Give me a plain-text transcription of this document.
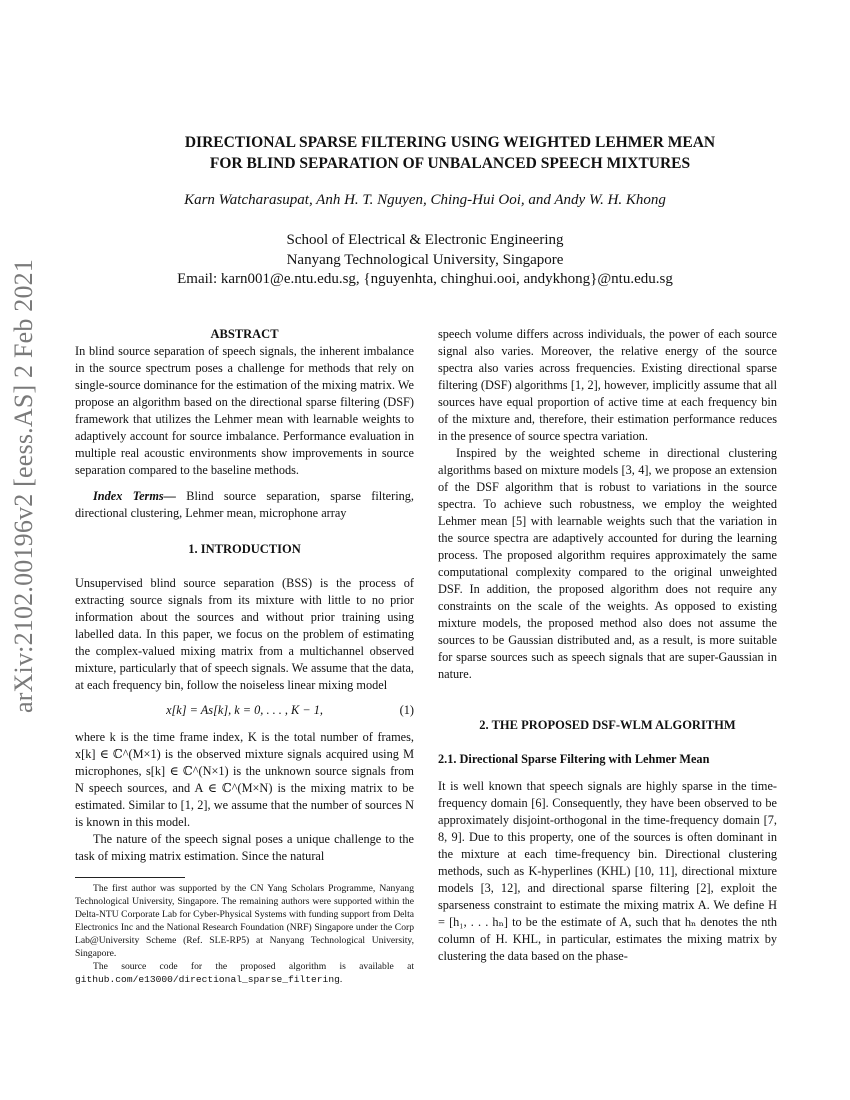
arXiv:2102.00196v2 [eess.AS] 2 Feb 2021
DIRECTIONAL SPARSE FILTERING USING WEIGHTED LEHMER MEAN
FOR BLIND SEPARATION OF UNBALANCED SPEECH MIXTURES

Karn Watcharasupat, Anh H. T. Nguyen, Ching-Hui Ooi, and Andy W. H. Khong

School of Electrical & Electronic Engineering
Nanyang Technological University, Singapore
Email: karn001@e.ntu.edu.sg, {nguyenhta, chinghui.ooi, andykhong}@ntu.edu.sg
ABSTRACT

In blind source separation of speech signals, the inherent imbalance in the source spectrum poses a challenge for methods that rely on single-source dominance for the estimation of the mixing matrix. We propose an algorithm based on the directional sparse filtering (DSF) framework that utilizes the Lehmer mean with learnable weights to adaptively account for source imbalance. Performance evaluation in multiple real acoustic environments show improvements in source separation compared to the baseline methods.

Index Terms— Blind source separation, sparse filtering, directional clustering, Lehmer mean, microphone array

1. INTRODUCTION

Unsupervised blind source separation (BSS) is the process of extracting source signals from its mixture with little to no prior information about the sources and without prior training using labelled data. In this paper, we focus on the problem of estimating the complex-valued mixing matrix from a multichannel observed mixture, particularly that of speech signals. We assume that the data, at each frequency bin, follow the noiseless linear mixing model

x[k] = As[k], k = 0, . . . , K − 1,	(1)

where k is the time frame index, K is the total number of frames, x[k] ∈ ℂ^(M×1) is the observed mixture signals acquired using M microphones, s[k] ∈ ℂ^(N×1) is the unknown source signals from N speech sources, and A ∈ ℂ^(M×N) is the mixing matrix to be estimated. Similar to [1, 2], we assume that the number of sources N is known in this model.

The nature of the speech signal poses a unique challenge to the task of mixing matrix estimation. Since the natural

The first author was supported by the CN Yang Scholars Programme, Nanyang Technological University, Singapore. The remaining authors were supported within the Delta-NTU Corporate Lab for Cyber-Physical Systems with funding support from Delta Electronics Inc and the National Research Foundation (NRF) Singapore under the Corp Lab@University Scheme (Ref. SLE-RP5) at Nanyang Technological University, Singapore.

The source code for the proposed algorithm is available at github.com/e13000/directional_sparse_filtering.

speech volume differs across individuals, the power of each source signal also varies. Moreover, the relative energy of the source spectra also varies across frequencies. Existing directional sparse filtering (DSF) algorithms [1, 2], however, implicitly assume that all sources have equal proportion of active time at each frequency bin of the mixture and, therefore, their estimation performance reduces in the presence of source spectra variation.

Inspired by the weighted scheme in directional clustering algorithms based on mixture models [3, 4], we propose an extension of the DSF algorithm that is robust to variations in the source spectra. To achieve such robustness, we employ the weighted Lehmer mean [5] with learnable weights such that the variation in the source spectra are adaptively accounted for during the learning process. The proposed algorithm requires approximately the same computational complexity compared to the original unweighted DSF. In addition, the proposed algorithm does not require any constraints on the scale of the weights. As opposed to existing mixture models, the proposed method also does not assume the sources to be Gaussian distributed and, as a result, is more suitable for sparse sources such as speech signals that are super-Gaussian in nature.

2. THE PROPOSED DSF-WLM ALGORITHM
2.1. Directional Sparse Filtering with Lehmer Mean

It is well known that speech signals are highly sparse in the time-frequency domain [6]. Consequently, they have been observed to be approximately disjoint-orthogonal in the time-frequency domain [7, 8, 9]. Due to this property, one of the sources is often dominant in the mixture at each time-frequency bin. Directional clustering methods, such as K-hyperlines (KHL) [10, 11], directional mixture models [3, 12], and directional sparse filtering [2], exploit the sparseness constraint to estimate the mixing matrix A. We define H = [h₁, . . . hₙ] to be the estimate of A, such that hₙ denotes the nth column of H. KHL, in particular, estimates the mixing matrix by clustering the data based on the phase-
